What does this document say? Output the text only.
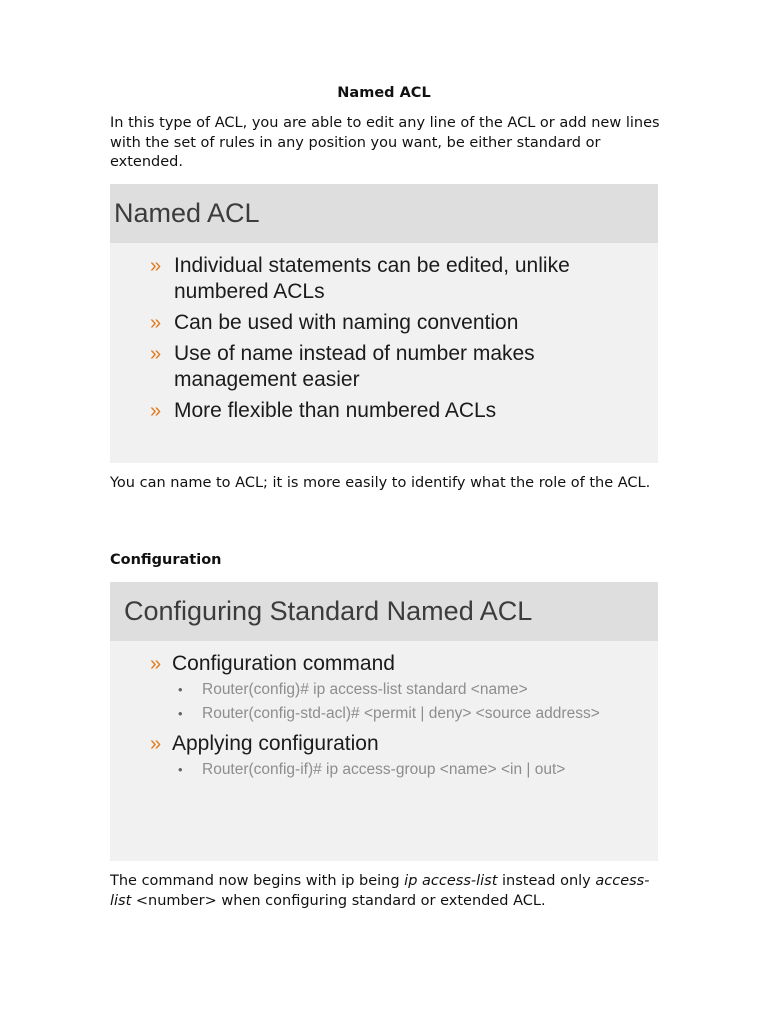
Named ACL
In this type of ACL, you are able to edit any line of the ACL or add new lines with the set of rules in any position you want, be either standard or extended.
Named ACL
» Individual statements can be edited, unlike numbered ACLs
» Can be used with naming convention
» Use of name instead of number makes management easier
» More flexible than numbered ACLs
You can name to ACL; it is more easily to identify what the role of the ACL.
Configuration
Configuring Standard Named ACL
» Configuration command
• Router(config)# ip access-list standard <name>
• Router(config-std-acl)# <permit | deny> <source address>
» Applying configuration
• Router(config-if)# ip access-group <name> <in | out>
The command now begins with ip being ip access-list instead only access-list <number> when configuring standard or extended ACL.
